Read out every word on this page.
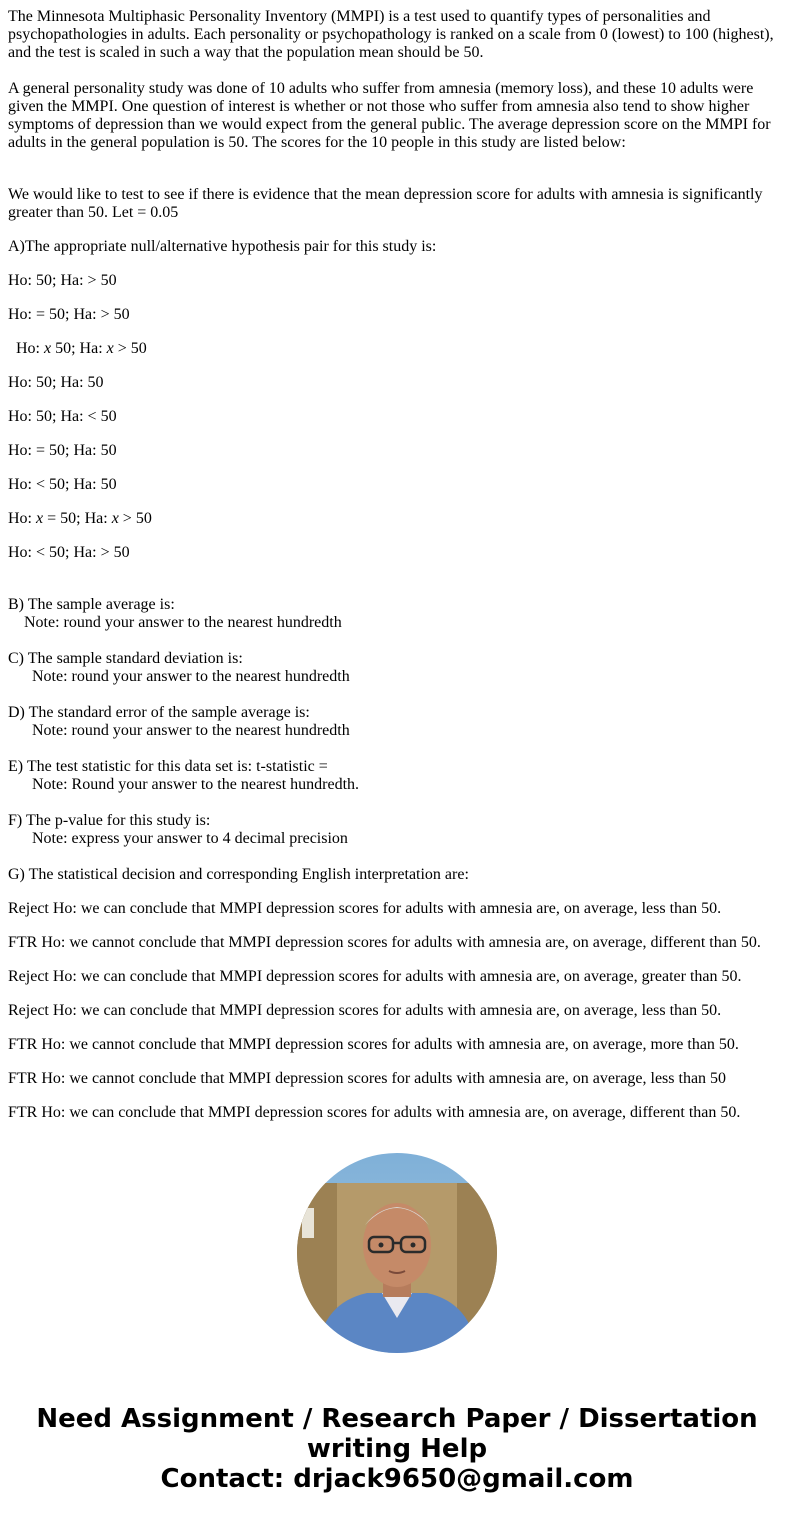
The Minnesota Multiphasic Personality Inventory (MMPI) is a test used to quantify types of personalities and psychopathologies in adults. Each personality or psychopathology is ranked on a scale from 0 (lowest) to 100 (highest), and the test is scaled in such a way that the population mean should be 50.

A general personality study was done of 10 adults who suffer from amnesia (memory loss), and these 10 adults were given the MMPI. One question of interest is whether or not those who suffer from amnesia also tend to show higher symptoms of depression than we would expect from the general public. The average depression score on the MMPI for adults in the general population is 50. The scores for the 10 people in this study are listed below:

We would like to test to see if there is evidence that the mean depression score for adults with amnesia is significantly greater than 50. Let = 0.05

A)The appropriate null/alternative hypothesis pair for this study is:

Ho: 50; Ha: > 50

Ho: = 50; Ha: > 50

Ho: x 50; Ha: x > 50

Ho: 50; Ha: 50

Ho: 50; Ha: < 50

Ho: = 50; Ha: 50

Ho: < 50; Ha: 50

Ho: x = 50; Ha: x > 50

Ho: < 50; Ha: > 50

B) The sample average is:
Note: round your answer to the nearest hundredth
C) The sample standard deviation is:
Note: round your answer to the nearest hundredth
D) The standard error of the sample average is:
Note: round your answer to the nearest hundredth
E) The test statistic for this data set is: t-statistic =
Note: Round your answer to the nearest hundredth.
F) The p-value for this study is:
Note: express your answer to 4 decimal precision

G) The statistical decision and corresponding English interpretation are:

Reject Ho: we can conclude that MMPI depression scores for adults with amnesia are, on average, less than 50.

FTR Ho: we cannot conclude that MMPI depression scores for adults with amnesia are, on average, different than 50.

Reject Ho: we can conclude that MMPI depression scores for adults with amnesia are, on average, greater than 50.

Reject Ho: we can conclude that MMPI depression scores for adults with amnesia are, on average, less than 50.

FTR Ho: we cannot conclude that MMPI depression scores for adults with amnesia are, on average, more than 50.

FTR Ho: we cannot conclude that MMPI depression scores for adults with amnesia are, on average, less than 50

FTR Ho: we can conclude that MMPI depression scores for adults with amnesia are, on average, different than 50.

Need Assignment / Research Paper / Dissertation
writing Help
Contact: drjack9650@gmail.com
